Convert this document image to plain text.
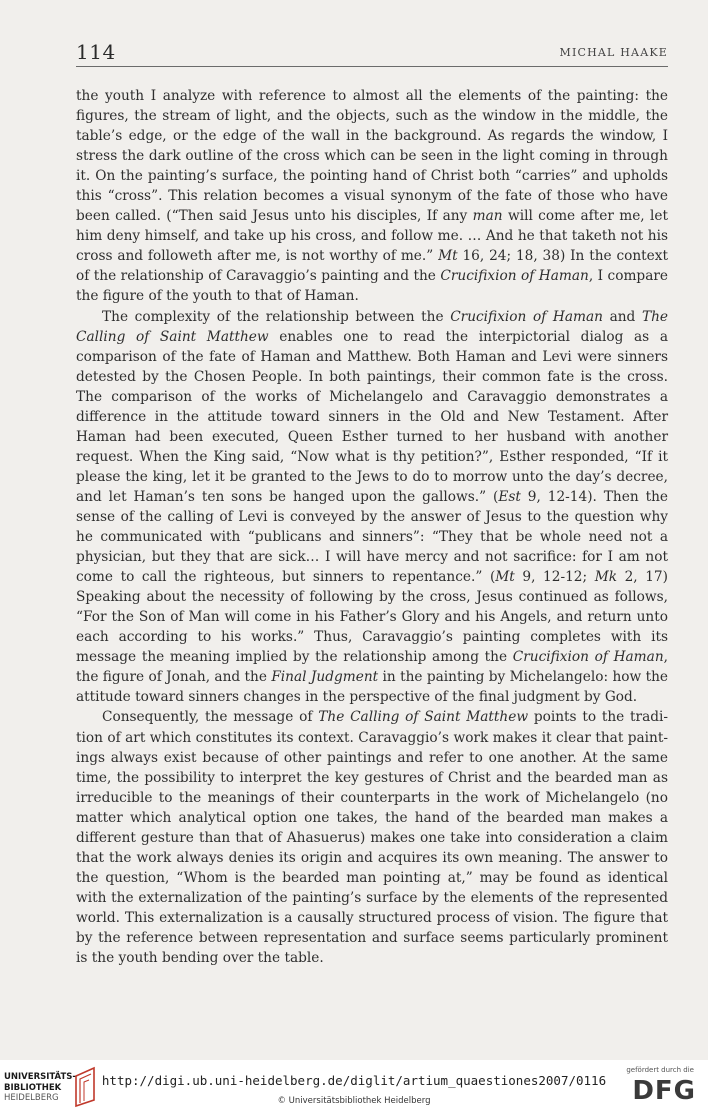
114	MICHAL HAAKE

the youth I analyze with reference to almost all the elements of the painting: the figures, the stream of light, and the objects, such as the window in the middle, the table’s edge, or the edge of the wall in the background. As regards the window, I stress the dark outline of the cross which can be seen in the light coming in through it. On the painting’s surface, the pointing hand of Christ both “carries” and upholds this “cross”. This relation becomes a visual synonym of the fate of those who have been called. (“Then said Jesus unto his disciples, If any man will come after me, let him deny himself, and take up his cross, and follow me. … And he that taketh not his cross and followeth after me, is not worthy of me.” Mt 16, 24; 18, 38) In the context of the relationship of Caravaggio’s painting and the Crucifixion of Haman, I compare the figure of the youth to that of Haman.

The complexity of the relationship between the Crucifixion of Haman and The Calling of Saint Matthew enables one to read the interpictorial dialog as a comparison of the fate of Haman and Matthew. Both Haman and Levi were sinners detested by the Chosen People. In both paintings, their common fate is the cross. The comparison of the works of Michelangelo and Caravaggio demonstrates a difference in the attitude toward sinners in the Old and New Testament. After Haman had been executed, Queen Esther turned to her husband with another request. When the King said, “Now what is thy petition?”, Esther responded, “If it please the king, let it be granted to the Jews to do to morrow unto the day’s decree, and let Haman’s ten sons be hanged upon the gallows.” (Est 9, 12-14). Then the sense of the calling of Levi is conveyed by the answer of Jesus to the question why he communicated with “publicans and sinners”: “They that be whole need not a physician, but they that are sick… I will have mercy and not sacrifice: for I am not come to call the righteous, but sinners to repentance.” (Mt 9, 12-12; Mk 2, 17) Speaking about the necessity of following by the cross, Jesus continued as follows, “For the Son of Man will come in his Father’s Glory and his Angels, and return unto each according to his works.” Thus, Caravaggio’s painting completes with its message the meaning implied by the relationship among the Crucifixion of Haman, the figure of Jonah, and the Final Judgment in the painting by Michelangelo: how the attitude toward sinners changes in the perspective of the final judgment by God.

Consequently, the message of The Calling of Saint Matthew points to the tradition of art which constitutes its context. Caravaggio’s work makes it clear that paintings always exist because of other paintings and refer to one another. At the same time, the possibility to interpret the key gestures of Christ and the bearded man as irreducible to the meanings of their counterparts in the work of Michelangelo (no matter which analytical option one takes, the hand of the bearded man makes a different gesture than that of Ahasuerus) makes one take into consideration a claim that the work always denies its origin and acquires its own meaning. The answer to the question, “Whom is the bearded man pointing at,” may be found as identical with the externalization of the painting’s surface by the elements of the represented world. This externalization is a causally structured process of vision. The figure that by the reference between representation and surface seems particularly prominent is the youth bending over the table.

UNIVERSITÄTS-
BIBLIOTHEK
HEIDELBERG
http://digi.ub.uni-heidelberg.de/diglit/artium_quaestiones2007/0116
© Universitätsbibliothek Heidelberg
gefördert durch die
DFG
